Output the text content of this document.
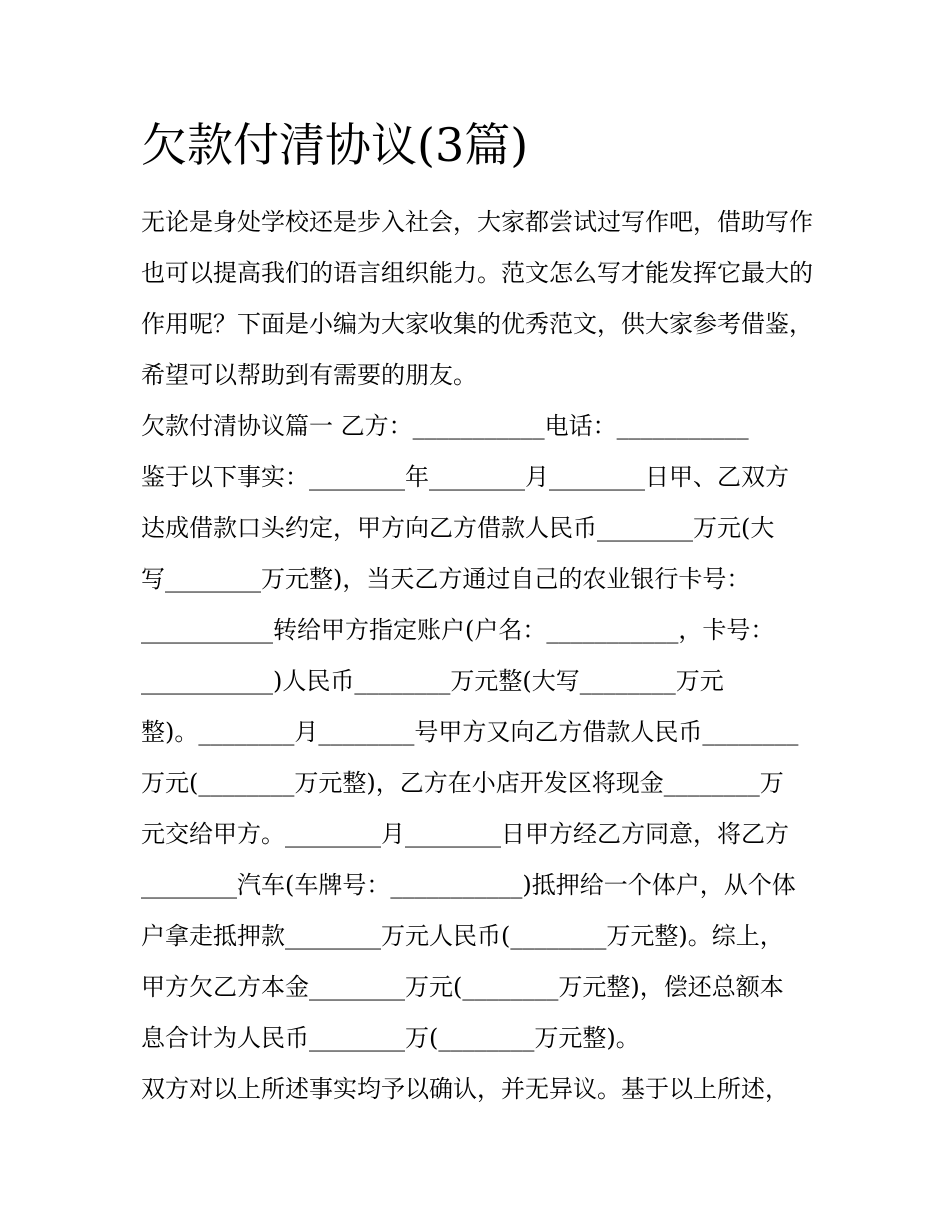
欠款付清协议(3篇)

无论是身处学校还是步入社会，大家都尝试过写作吧，借助写作也可以提高我们的语言组织能力。范文怎么写才能发挥它最大的作用呢？下面是小编为大家收集的优秀范文，供大家参考借鉴，希望可以帮助到有需要的朋友。

欠款付清协议篇一 乙方：___________电话：___________

鉴于以下事实：________年________月________日甲、乙双方

达成借款口头约定，甲方向乙方借款人民币________万元(大

写________万元整)，当天乙方通过自己的农业银行卡号：

___________转给甲方指定账户(户名：___________，卡号：

___________)人民币________万元整(大写________万元

整)。________月________号甲方又向乙方借款人民币________

万元(________万元整)，乙方在小店开发区将现金________万

元交给甲方。________月________日甲方经乙方同意，将乙方

________汽车(车牌号：___________)抵押给一个体户，从个体

户拿走抵押款________万元人民币(________万元整)。综上，

甲方欠乙方本金________万元(________万元整)，偿还总额本

息合计为人民币________万(________万元整)。

双方对以上所述事实均予以确认，并无异议。基于以上所述，
